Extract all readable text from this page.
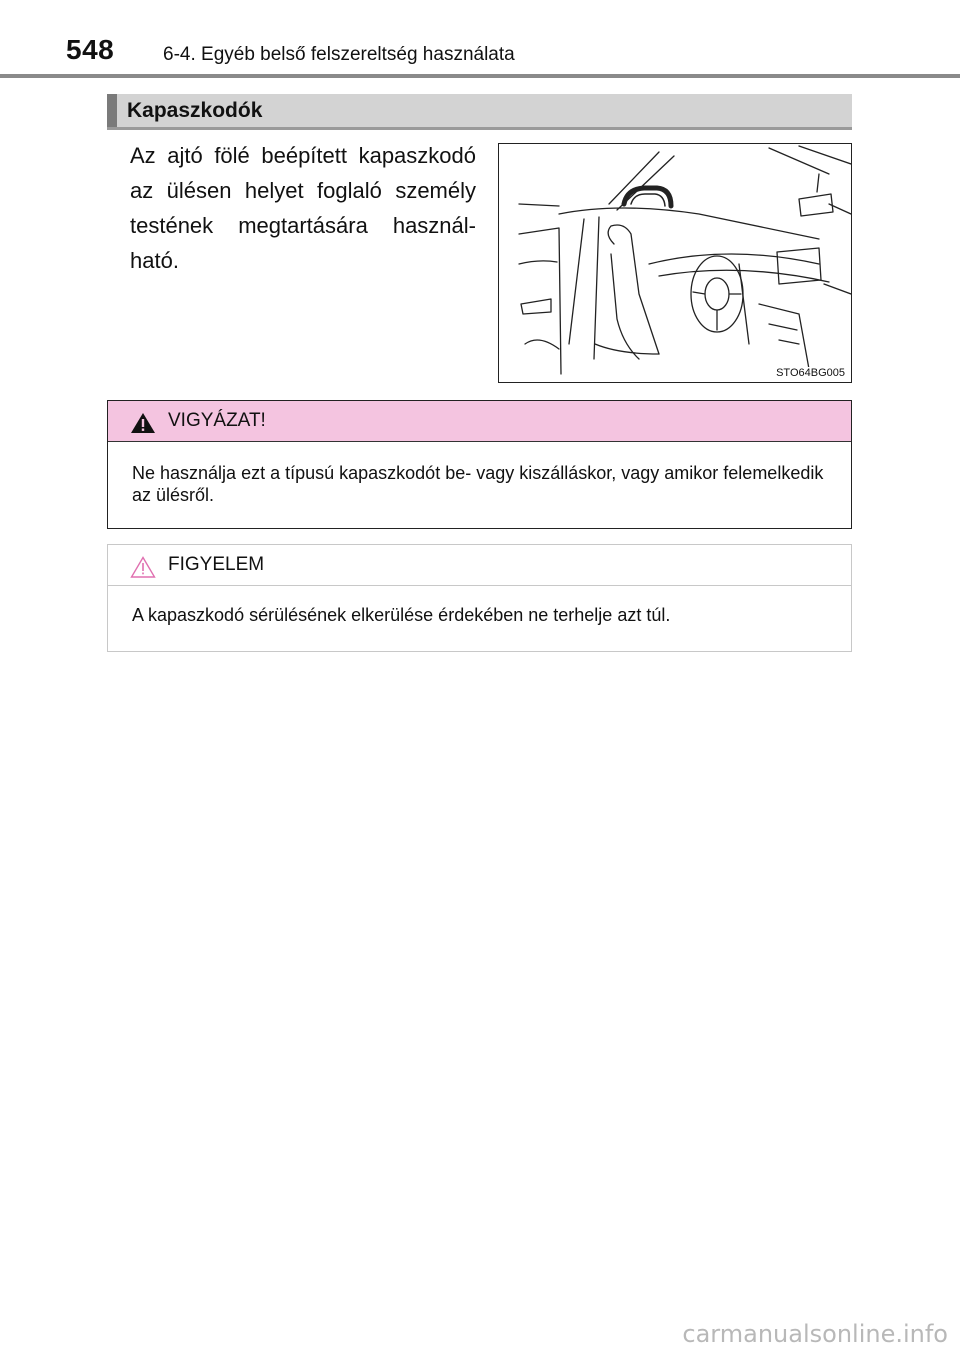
548	6-4. Egyéb belső felszereltség használata
Kapaszkodók
Az ajtó fölé beépített kapaszkodó az ülésen helyet foglaló személy testének megtartására használható.
STO64BG005
VIGYÁZAT!
Ne használja ezt a típusú kapaszkodót be- vagy kiszálláskor, vagy amikor felemelkedik az ülésről.
FIGYELEM
A kapaszkodó sérülésének elkerülése érdekében ne terhelje azt túl.
carmanualsonline.info
